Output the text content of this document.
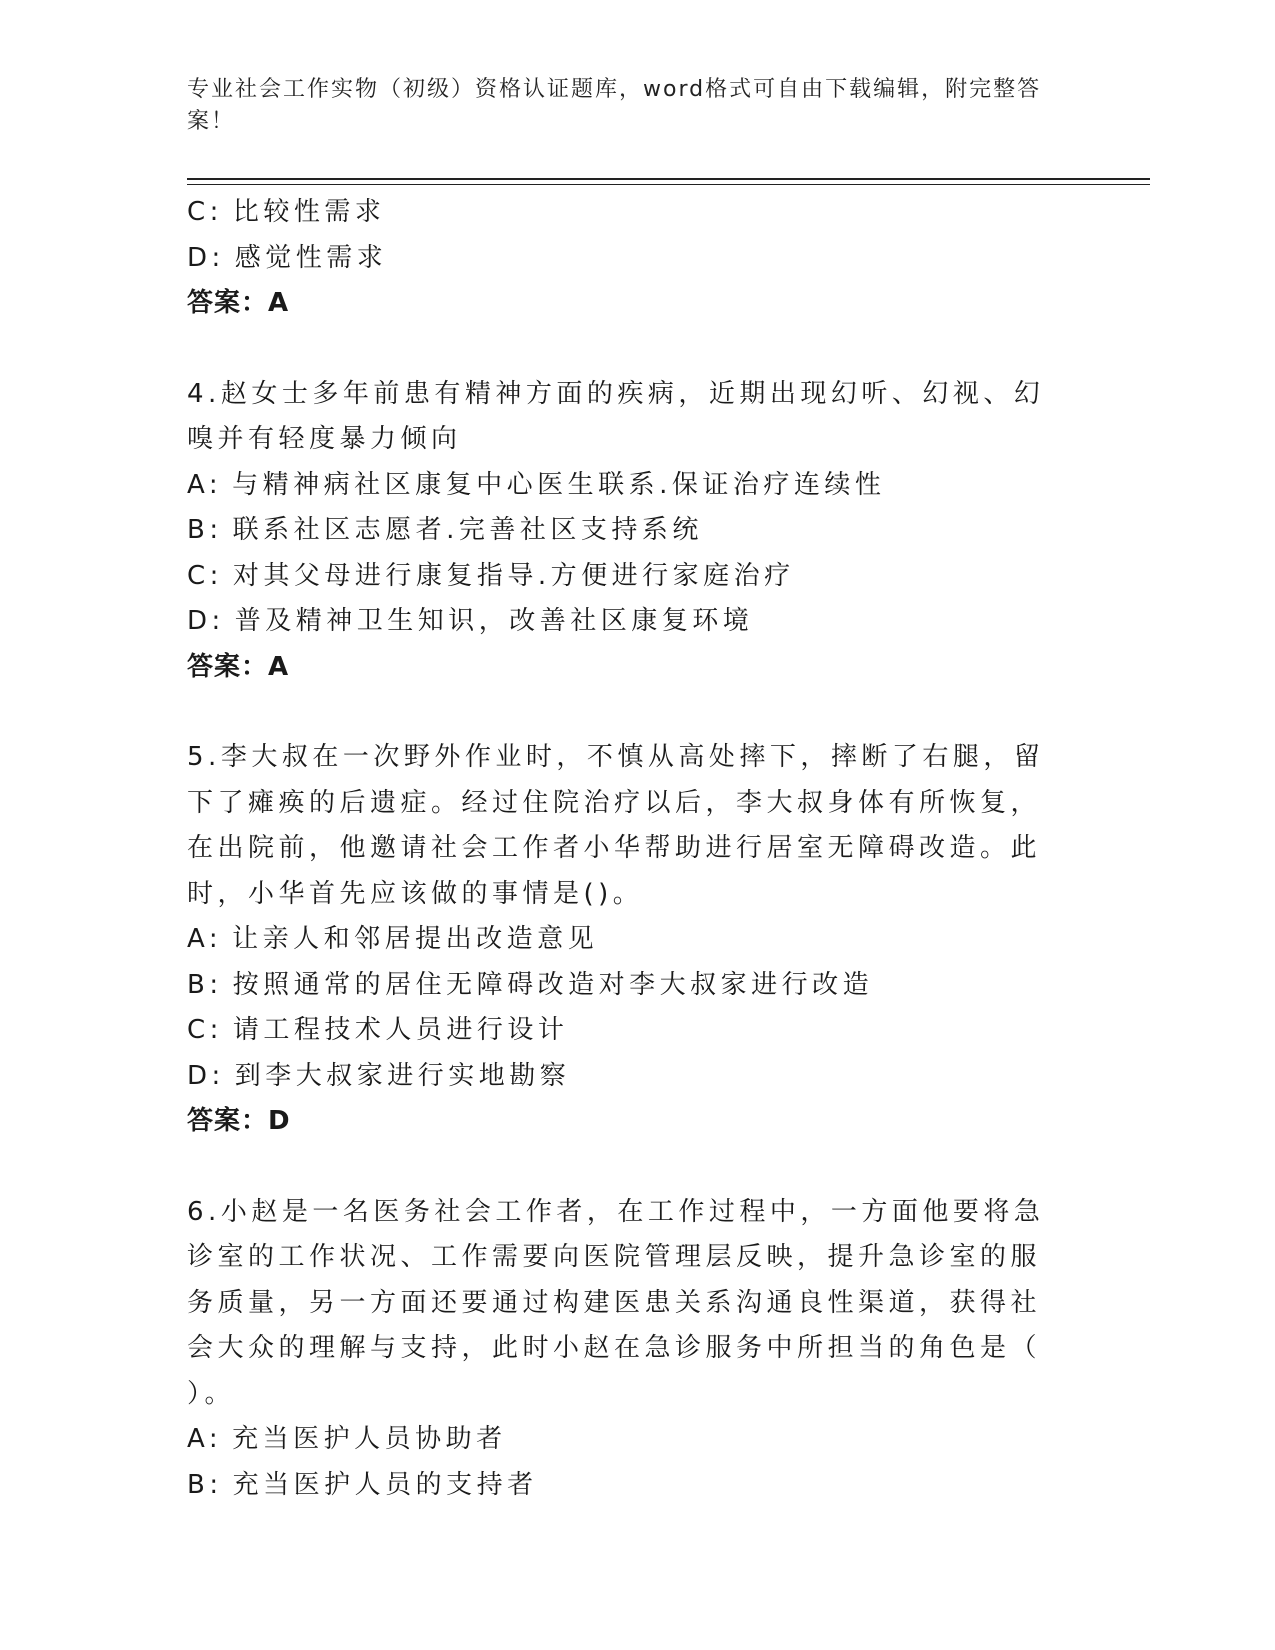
专业社会工作实物（初级）资格认证题库，word格式可自由下载编辑，附完整答案！
C: 比较性需求
D: 感觉性需求
答案：A
4.赵女士多年前患有精神方面的疾病，近期出现幻听、幻视、幻嗅并有轻度暴力倾向
A: 与精神病社区康复中心医生联系.保证治疗连续性
B: 联系社区志愿者.完善社区支持系统
C: 对其父母进行康复指导.方便进行家庭治疗
D: 普及精神卫生知识，改善社区康复环境
答案：A
5.李大叔在一次野外作业时，不慎从高处摔下，摔断了右腿，留下了瘫痪的后遗症。经过住院治疗以后，李大叔身体有所恢复，在出院前，他邀请社会工作者小华帮助进行居室无障碍改造。此时，小华首先应该做的事情是()。
A: 让亲人和邻居提出改造意见
B: 按照通常的居住无障碍改造对李大叔家进行改造
C: 请工程技术人员进行设计
D: 到李大叔家进行实地勘察
答案：D
6.小赵是一名医务社会工作者，在工作过程中，一方面他要将急诊室的工作状况、工作需要向医院管理层反映，提升急诊室的服务质量，另一方面还要通过构建医患关系沟通良性渠道，获得社会大众的理解与支持，此时小赵在急诊服务中所担当的角色是（　　）。
A: 充当医护人员协助者
B: 充当医护人员的支持者
